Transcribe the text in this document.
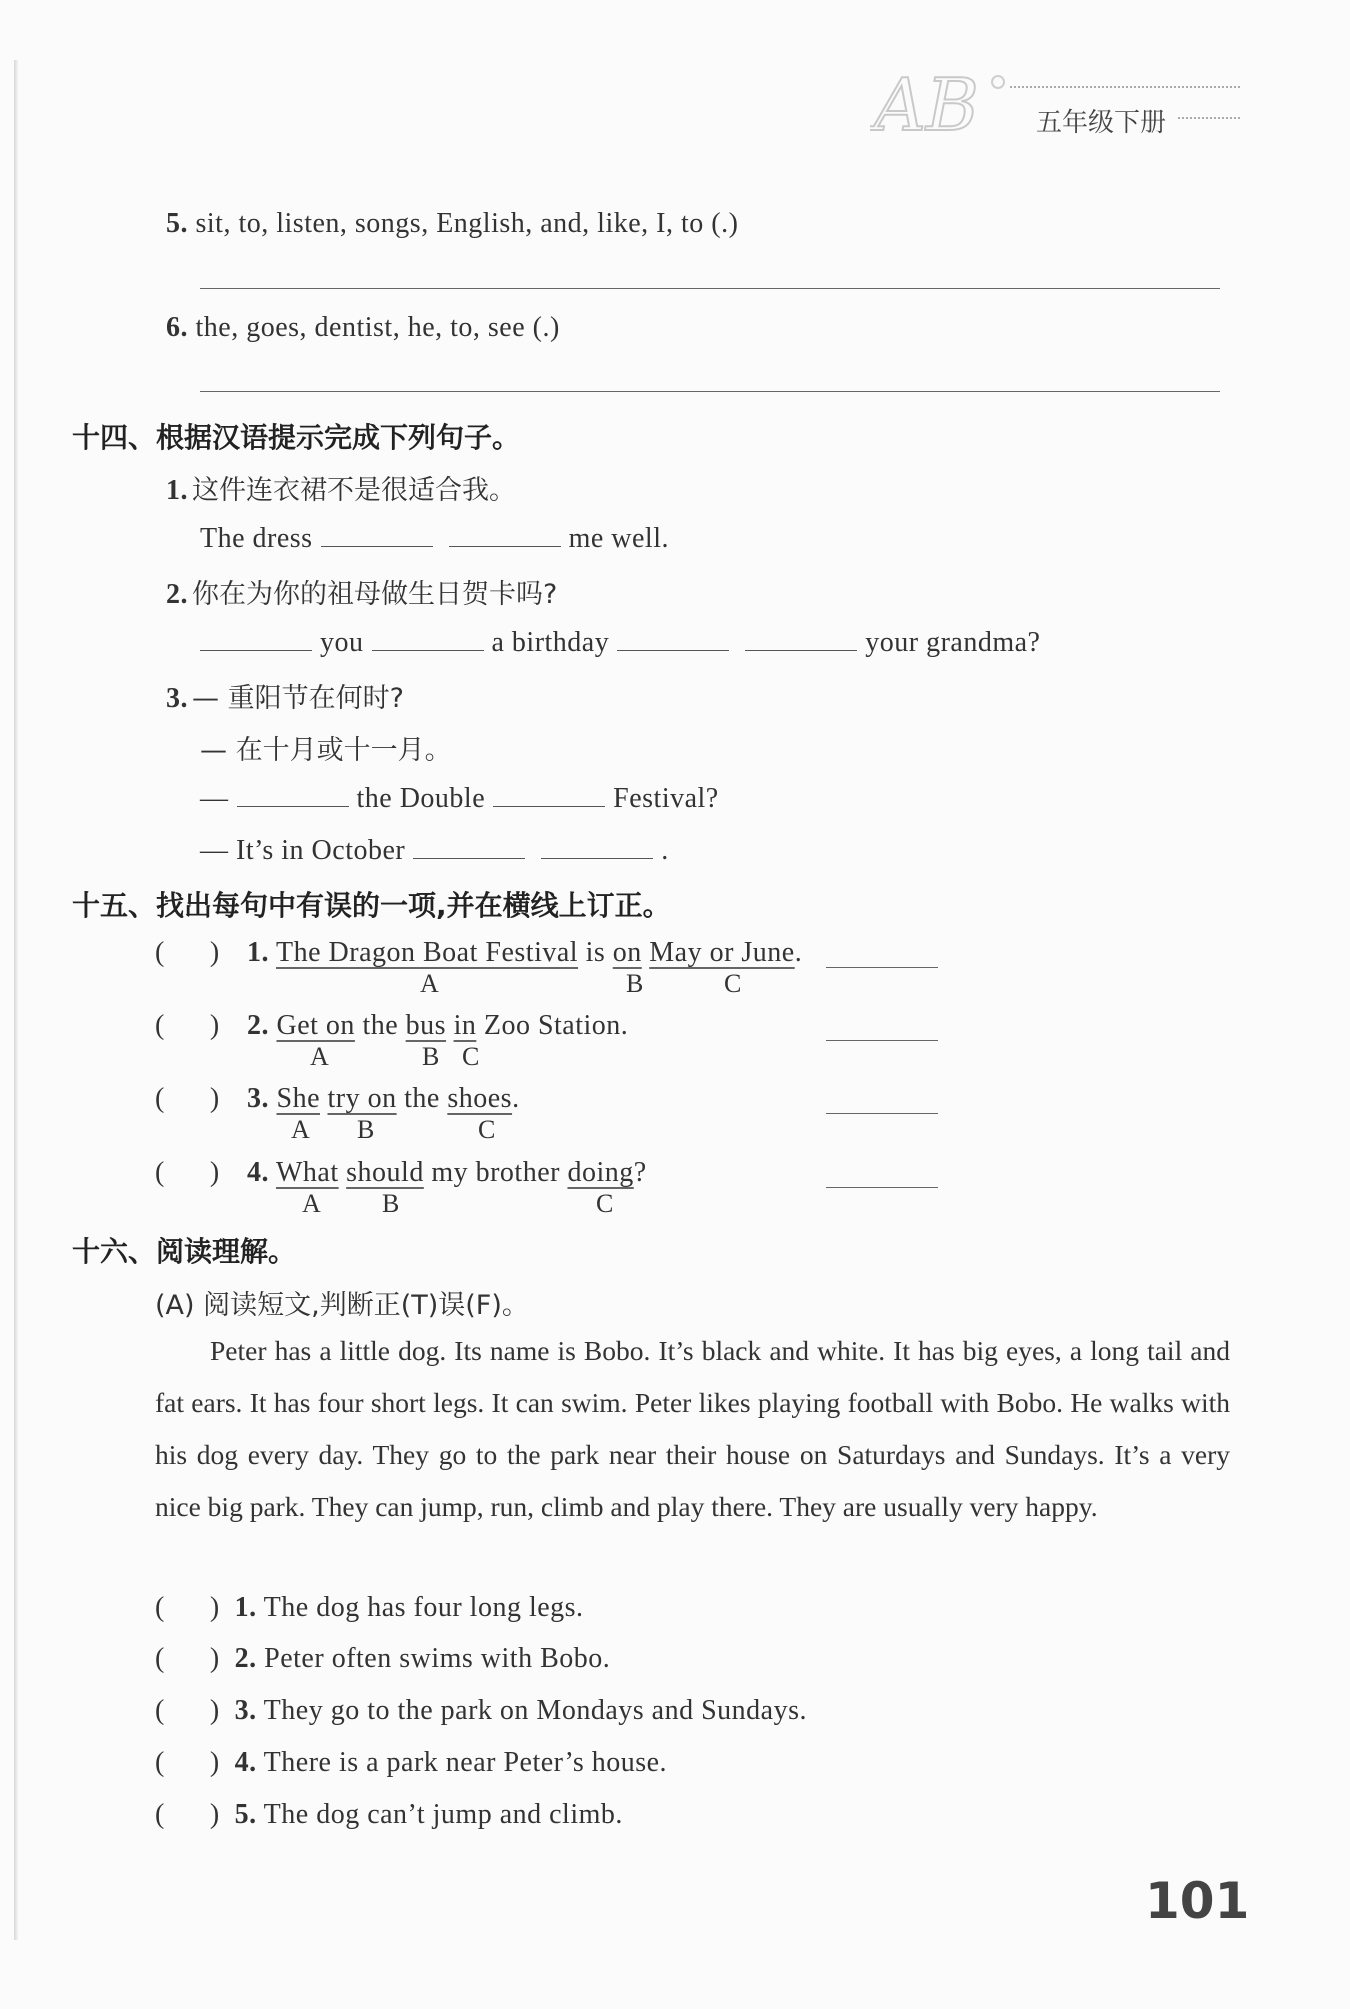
AB 五年级下册
5. sit, to, listen, songs, English, and, like, I, to (.)
6. the, goes, dentist, he, to, see (.)
十四、根据汉语提示完成下列句子。
1. 这件连衣裙不是很适合我。
The dress	me well.
2. 你在为你的祖母做生日贺卡吗?
you	a birthday	your grandma?
3. — 重阳节在何时?
— 在十月或十一月。
—	the Double	Festival?
— It’s in October	.
十五、找出每句中有误的一项,并在横线上订正。
( ) 1. The Dragon Boat Festival is on May or June.
A	B	C
( ) 2. Get on the bus in Zoo Station.
A	B C
( ) 3. She try on the shoes.
A B	C
( ) 4. What should my brother doing?
A B	C
十六、阅读理解。
(A) 阅读短文,判断正(T)误(F)。
Peter has a little dog. Its name is Bobo. It’s black and white. It has big eyes, a long tail and fat ears. It has four short legs. It can swim. Peter likes playing football with Bobo. He walks with his dog every day. They go to the park near their house on Saturdays and Sundays. It’s a very nice big park. They can jump, run, climb and play there. They are usually very happy.
( ) 1. The dog has four long legs.
( ) 2. Peter often swims with Bobo.
( ) 3. They go to the park on Mondays and Sundays.
( ) 4. There is a park near Peter’s house.
( ) 5. The dog can’t jump and climb.
101
